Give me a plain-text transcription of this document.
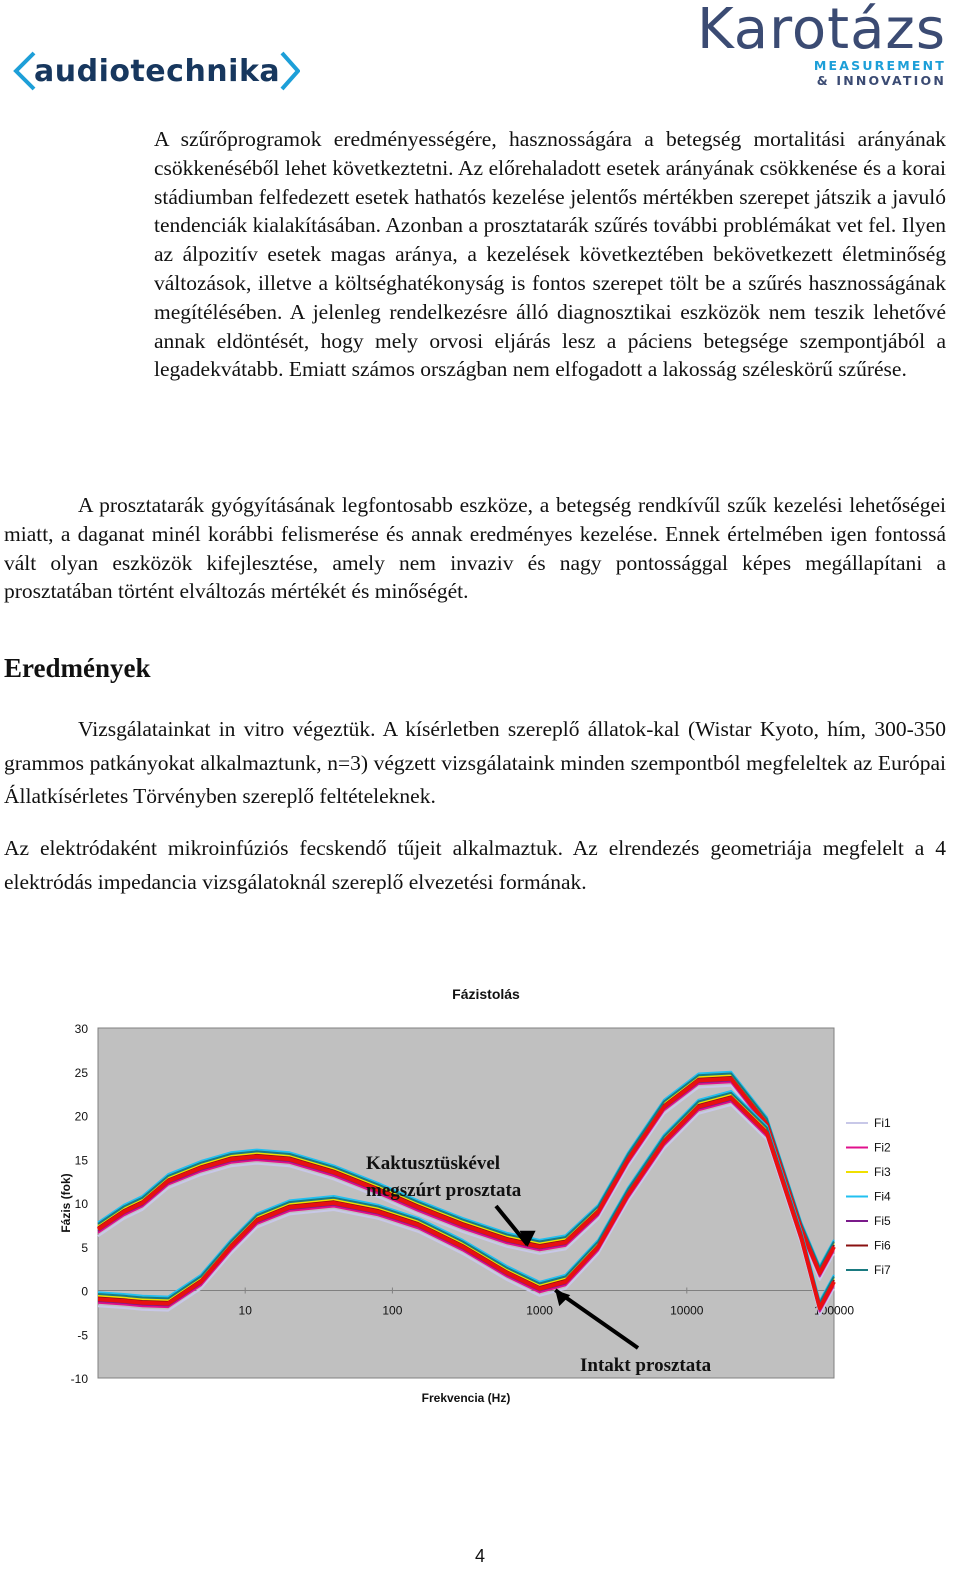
audiotechnika
Karotázs
MEASUREMENT
& INNOVATION

A szűrőprogramok eredményességére, hasznosságára a betegség mortalitási arányának csökkenéséből lehet következtetni. Az előrehaladott esetek arányának csökkenése és a korai stádiumban felfedezett esetek hathatós kezelése jelentős mértékben szerepet játszik a javuló tendenciák kialakításában. Azonban a prosztatarák szűrés további problémákat vet fel. Ilyen az álpozitív esetek magas aránya, a kezelések következtében bekövetkezett életminőség változások, illetve a költséghatékonyság is fontos szerepet tölt be a szűrés hasznosságának megítélésében. A jelenleg rendelkezésre álló diagnosztikai eszközök nem teszik lehetővé annak eldöntését, hogy mely orvosi eljárás lesz a páciens betegsége szempontjából a legadekvátabb. Emiatt számos országban nem elfogadott a lakosság széleskörű szűrése.

A prosztatarák gyógyításának legfontosabb eszköze, a betegség rendkívűl szűk kezelési lehetőségei miatt, a daganat minél korábbi felismerése és annak eredményes kezelése. Ennek értelmében igen fontossá vált olyan eszközök kifejlesztése, amely nem invaziv és nagy pontossággal képes megállapítani a prosztatában történt elváltozás mértékét és minőségét.

Eredmények

Vizsgálatainkat in vitro végeztük. A kísérletben szereplő állatok-kal (Wistar Kyoto, hím, 300-350 grammos patkányokat alkalmaztunk, n=3) végzett vizsgálataink minden szempontból megfeleltek az Európai Állatkísérletes Törvényben szereplő feltételeknek.

Az elektródaként mikroinfúziós fecskendő tűjeit alkalmaztuk. Az elrendezés geometriája megfelelt a 4 elektródás impedancia vizsgálatoknál szereplő elvezetési formának.

Fázistolás
30
25
20
15
10
5
0
-5
-10
10	100	1000	10000	100000
Frekvencia (Hz)
Fázis (fok)
Fi1
Fi2
Fi3
Fi4
Fi5
Fi6
Fi7
Kaktusztüskével megszúrt prosztata
Intakt prosztata
4
